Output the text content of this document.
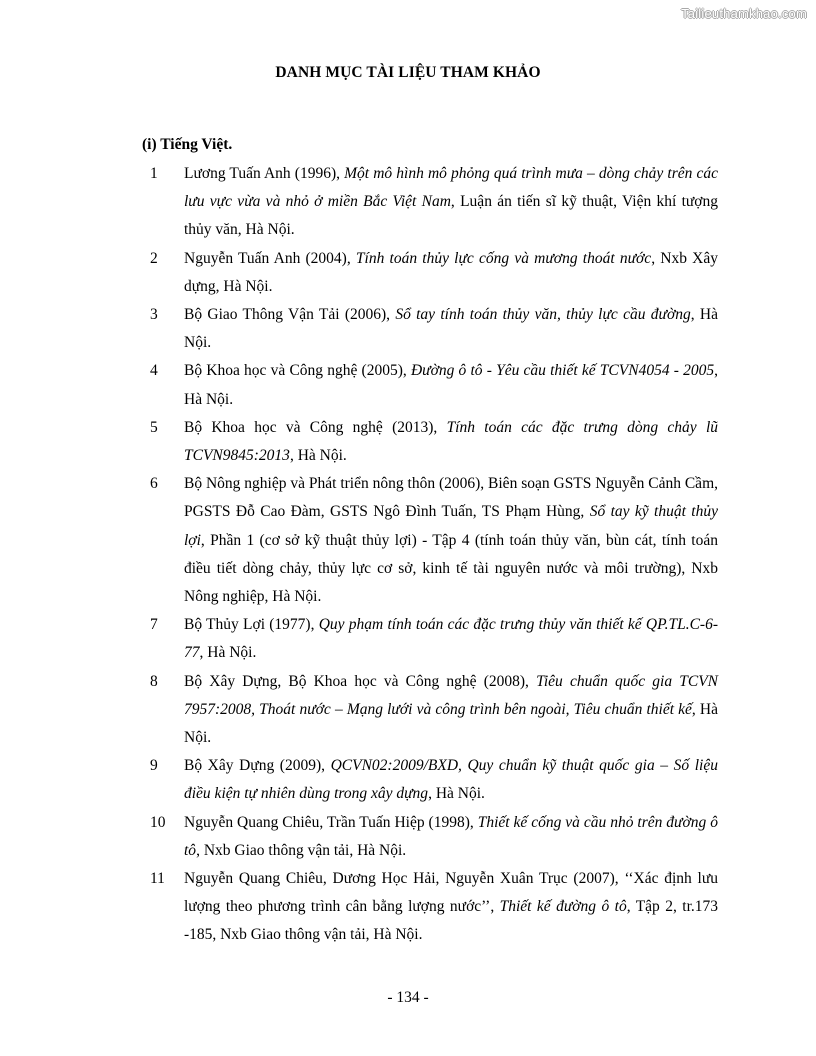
Tailieuthamkhao.com
DANH MỤC TÀI LIỆU THAM KHẢO
(i) Tiếng Việt.
1	Lương Tuấn Anh (1996), Một mô hình mô phỏng quá trình mưa – dòng chảy trên các lưu vực vừa và nhỏ ở miền Bắc Việt Nam, Luận án tiến sĩ kỹ thuật, Viện khí tượng thủy văn, Hà Nội.
2	Nguyễn Tuấn Anh (2004), Tính toán thủy lực cống và mương thoát nước, Nxb Xây dựng, Hà Nội.
3	Bộ Giao Thông Vận Tải (2006), Sổ tay tính toán thủy văn, thủy lực cầu đường, Hà Nội.
4	Bộ Khoa học và Công nghệ (2005), Đường ô tô - Yêu cầu thiết kế TCVN4054 - 2005, Hà Nội.
5	Bộ Khoa học và Công nghệ (2013), Tính toán các đặc trưng dòng chảy lũ TCVN9845:2013, Hà Nội.
6	Bộ Nông nghiệp và Phát triển nông thôn (2006), Biên soạn GSTS Nguyễn Cảnh Cầm, PGSTS Đỗ Cao Đàm, GSTS Ngô Đình Tuấn, TS Phạm Hùng, Sổ tay kỹ thuật thủy lợi, Phần 1 (cơ sở kỹ thuật thủy lợi) - Tập 4 (tính toán thủy văn, bùn cát, tính toán điều tiết dòng chảy, thủy lực cơ sở, kinh tế tài nguyên nước và môi trường), Nxb Nông nghiệp, Hà Nội.
7	Bộ Thủy Lợi (1977), Quy phạm tính toán các đặc trưng thủy văn thiết kế QP.TL.C-6-77, Hà Nội.
8	Bộ Xây Dựng, Bộ Khoa học và Công nghệ (2008), Tiêu chuẩn quốc gia TCVN 7957:2008, Thoát nước – Mạng lưới và công trình bên ngoài, Tiêu chuẩn thiết kế, Hà Nội.
9	Bộ Xây Dựng (2009), QCVN02:2009/BXD, Quy chuẩn kỹ thuật quốc gia – Số liệu điều kiện tự nhiên dùng trong xây dựng, Hà Nội.
10	Nguyễn Quang Chiêu, Trần Tuấn Hiệp (1998), Thiết kế cống và cầu nhỏ trên đường ô tô, Nxb Giao thông vận tải, Hà Nội.
11	Nguyễn Quang Chiêu, Dương Học Hải, Nguyễn Xuân Trục (2007), ‘‘Xác định lưu lượng theo phương trình cân bằng lượng nước’’, Thiết kế đường ô tô, Tập 2, tr.173 -185, Nxb Giao thông vận tải, Hà Nội.
- 134 -
